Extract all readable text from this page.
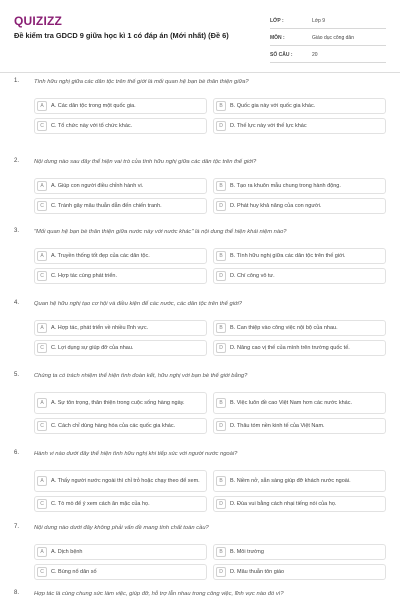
QUIZIZZ
Đề kiểm tra GDCD 9 giữa học kì 1 có đáp án (Mới nhất) (Đề 6)
LỚP :	Lớp 9
MÔN :	Giáo dục công dân
SỐ CÂU :	20
1.	Tình hữu nghị giữa các dân tộc trên thế giới là mối quan hệ bạn bè thân thiện giữa?
A	A. Các dân tộc trong một quốc gia.	B	B. Quốc gia này với quốc gia khác.
C	C. Tổ chức này với tổ chức khác.	D	D. Thế lực này với thế lực khác
2.	Nội dung nào sau đây thể hiện vai trò của tình hữu nghị giữa các dân tộc trên thế giới?
A	A. Giúp con người điều chỉnh hành vi.	B	B. Tạo ra khuôn mẫu chung trong hành động.
C	C. Tránh gây mâu thuẫn dẫn đến chiến tranh.	D	D. Phát huy khả năng của con người.
3.	"Mối quan hệ bạn bè thân thiện giữa nước này với nước khác" là nội dung thể hiện khái niệm nào?
A	A. Truyền thống tốt đẹp của các dân tộc.	B	B. Tình hữu nghị giữa các dân tộc trên thế giới.
C	C. Hợp tác cùng phát triển.	D	D. Chí công vô tư.
4.	Quan hệ hữu nghị tạo cơ hội và điều kiện để các nước, các dân tộc trên thế giới?
A	A. Hợp tác, phát triển về nhiều lĩnh vực.	B	B. Can thiệp vào công việc nội bộ của nhau.
C	C. Lợi dụng sự giúp đỡ của nhau.	D	D. Nâng cao vị thế của mình trên trường quốc tế.
5.	Chúng ta có trách nhiệm thể hiện tình đoàn kết, hữu nghị với bạn bè thế giới bằng?
A	A. Sự tôn trọng, thân thiện trong cuộc sống hàng ngày.	B	B. Việc luôn đề cao Việt Nam hơn các nước khác.
C	C. Cách chỉ dùng hàng hóa của các quốc gia khác.	D	D. Thâu tóm nền kinh tế của Việt Nam.
6.	Hành vi nào dưới đây thể hiện tình hữu nghị khi tiếp xúc với người nước ngoài?
A	A. Thấy người nước ngoài thì chỉ trỏ hoặc chạy theo để xem.	B	B. Niềm nở, sẵn sàng giúp đỡ khách nước ngoài.
C	C. Tò mò để ý xem cách ăn mặc của họ.	D	D. Đùa vui bằng cách nhại tiếng nói của họ.
7.	Nội dung nào dưới đây không phải vấn đề mang tính chất toàn cầu?
A	A. Dịch bệnh	B	B. Môi trường
C	C. Bùng nổ dân số	D	D. Mâu thuẫn tôn giáo
8.	Hợp tác là cùng chung sức làm việc, giúp đỡ, hỗ trợ lẫn nhau trong công việc, lĩnh vực nào đó vì?
